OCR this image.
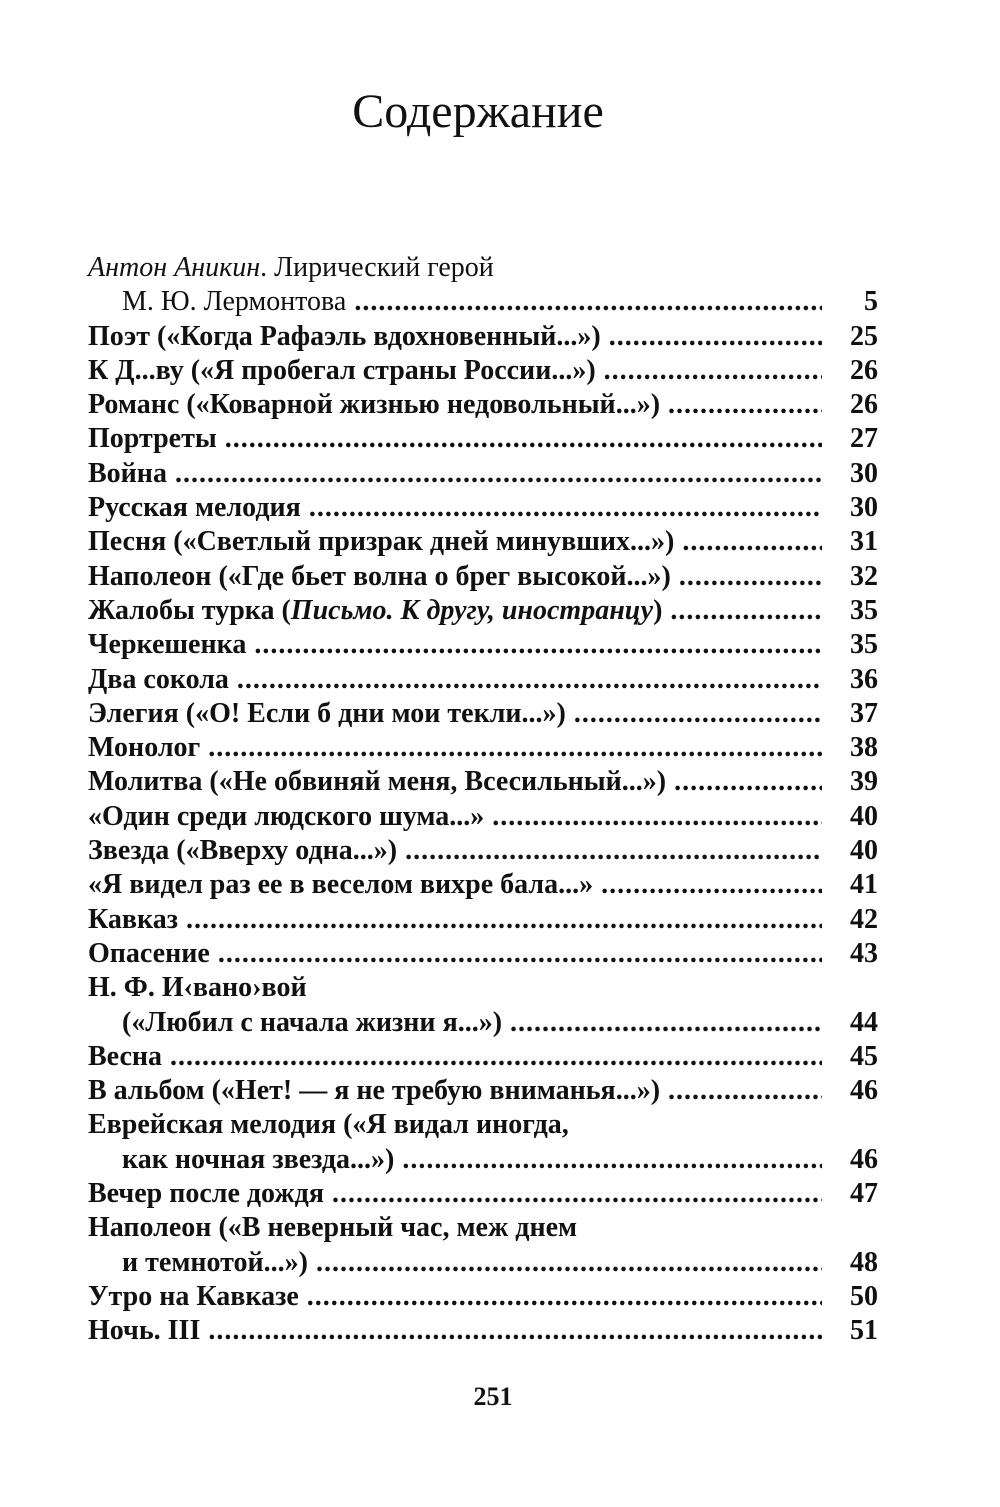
Содержание
Антон Аникин. Лирический герой
М. Ю. Лермонтова .....	5
Поэт («Когда Рафаэль вдохновенный...») .....	25
К Д...ву («Я пробегал страны России...») .....	26
Романс («Коварной жизнью недовольный...») .....	26
Портреты .....	27
Война .....	30
Русская мелодия .....	30
Песня («Светлый призрак дней минувших...») .....	31
Наполеон («Где бьет волна о брег высокой...») .....	32
Жалобы турка (Письмо. К другу, иностранцу) .....	35
Черкешенка .....	35
Два сокола .....	36
Элегия («О! Если б дни мои текли...») .....	37
Монолог .....	38
Молитва («Не обвиняй меня, Всесильный...») .....	39
«Один среди людского шума...» .....	40
Звезда («Вверху одна...») .....	40
«Я видел раз ее в веселом вихре бала...» .....	41
Кавказ .....	42
Опасение .....	43
Н. Ф. И‹вано›вой
(«Любил с начала жизни я...») .....	44
Весна .....	45
В альбом («Нет! — я не требую вниманья...») .....	46
Еврейская мелодия («Я видал иногда,
как ночная звезда...») .....	46
Вечер после дождя .....	47
Наполеон («В неверный час, меж днем
и темнотой...») .....	48
Утро на Кавказе .....	50
Ночь. III .....	51
251
